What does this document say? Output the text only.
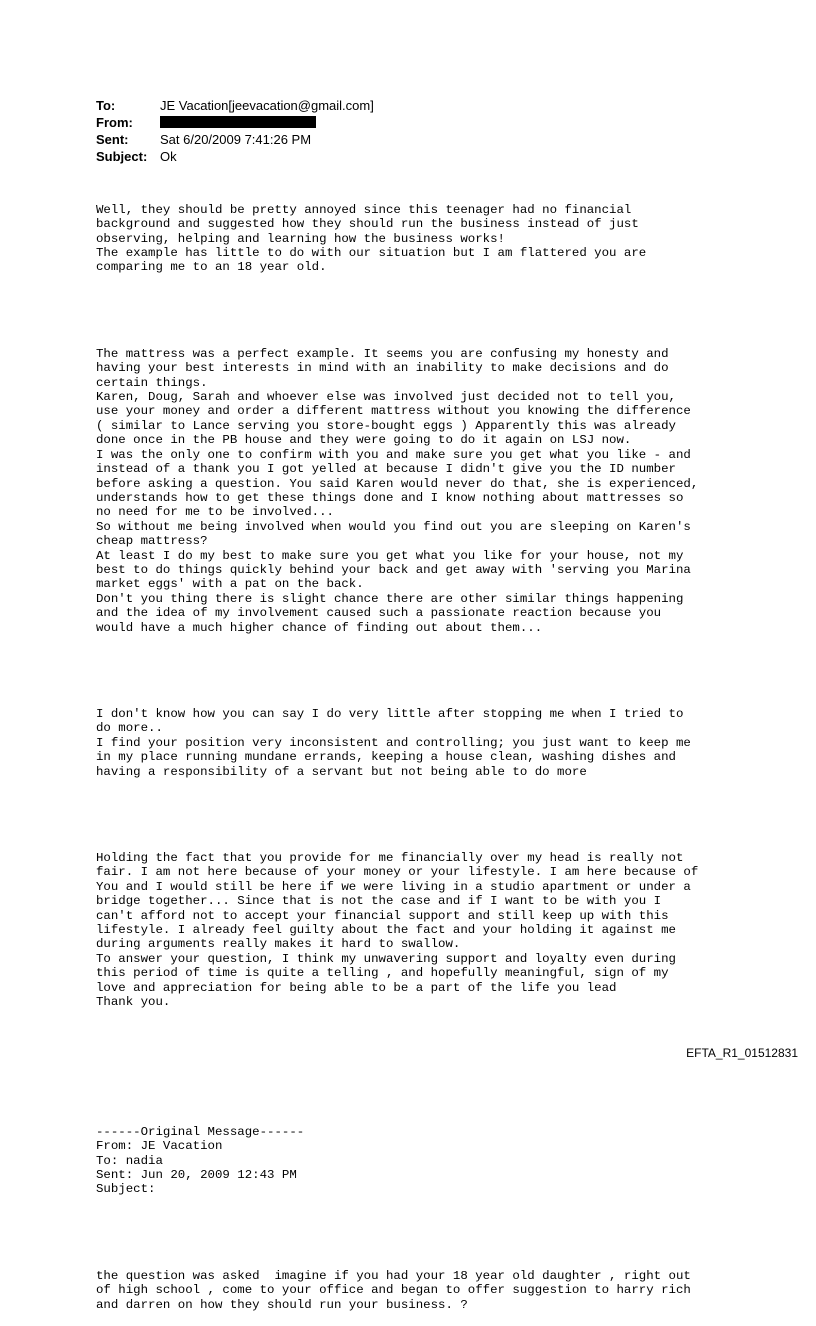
To:	JE Vacation[jeevacation@gmail.com]
From:
Sent:	Sat 6/20/2009 7:41:26 PM
Subject: Ok

Well, they should be pretty annoyed since this teenager had no financial
background and suggested how they should run the business instead of just
observing, helping and learning how the business works!
The example has little to do with our situation but I am flattered you are
comparing me to an 18 year old.

The mattress was a perfect example. It seems you are confusing my honesty and
having your best interests in mind with an inability to make decisions and do
certain things.
Karen, Doug, Sarah and whoever else was involved just decided not to tell you,
use your money and order a different mattress without you knowing the difference
( similar to Lance serving you store-bought eggs ) Apparently this was already
done once in the PB house and they were going to do it again on LSJ now.
I was the only one to confirm with you and make sure you get what you like - and
instead of a thank you I got yelled at because I didn't give you the ID number
before asking a question. You said Karen would never do that, she is experienced,
understands how to get these things done and I know nothing about mattresses so
no need for me to be involved...
So without me being involved when would you find out you are sleeping on Karen's
cheap mattress?
At least I do my best to make sure you get what you like for your house, not my
best to do things quickly behind your back and get away with 'serving you Marina
market eggs' with a pat on the back.
Don't you thing there is slight chance there are other similar things happening
and the idea of my involvement caused such a passionate reaction because you
would have a much higher chance of finding out about them...

I don't know how you can say I do very little after stopping me when I tried to
do more..
I find your position very inconsistent and controlling; you just want to keep me
in my place running mundane errands, keeping a house clean, washing dishes and
having a responsibility of a servant but not being able to do more

Holding the fact that you provide for me financially over my head is really not
fair. I am not here because of your money or your lifestyle. I am here because of
You and I would still be here if we were living in a studio apartment or under a
bridge together... Since that is not the case and if I want to be with you I
can't afford not to accept your financial support and still keep up with this
lifestyle. I already feel guilty about the fact and your holding it against me
during arguments really makes it hard to swallow.
To answer your question, I think my unwavering support and loyalty even during
this period of time is quite a telling , and hopefully meaningful, sign of my
love and appreciation for being able to be a part of the life you lead
Thank you.

------Original Message------
From: JE Vacation
To: nadia
Sent: Jun 20, 2009 12:43 PM
Subject:

the question was asked  imagine if you had your 18 year old daughter , right out
of high school , come to your office and began to offer suggestion to harry rich
and darren on how they should run your business. ?

EFTA_R1_01512831
